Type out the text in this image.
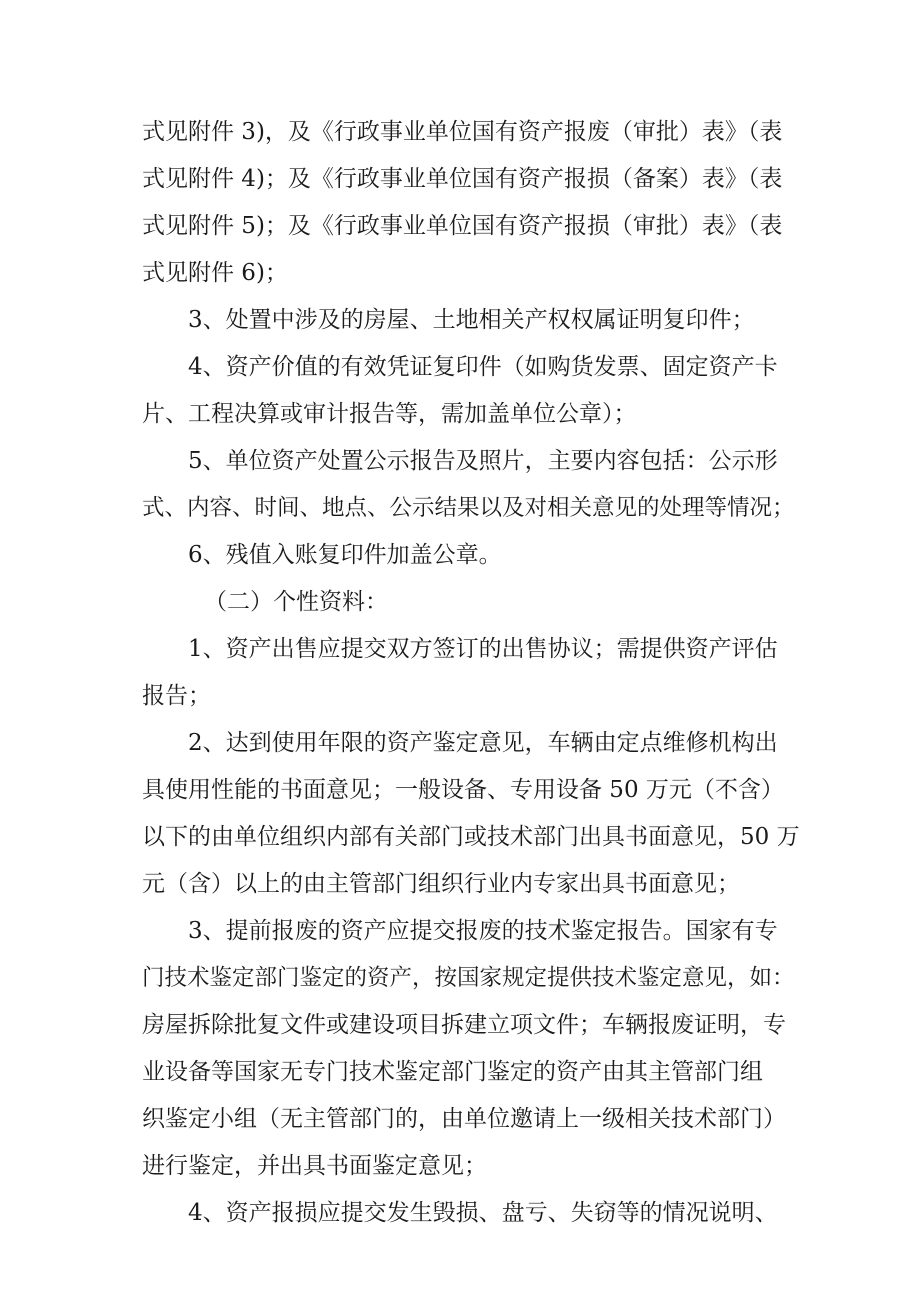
式见附件 3)，及《行政事业单位国有资产报废（审批）表》（表
式见附件 4)；及《行政事业单位国有资产报损（备案）表》（表
式见附件 5)；及《行政事业单位国有资产报损（审批）表》（表
式见附件 6)；
3、处置中涉及的房屋、土地相关产权权属证明复印件；
4、资产价值的有效凭证复印件（如购货发票、固定资产卡
片、工程决算或审计报告等，需加盖单位公章）；
5、单位资产处置公示报告及照片，主要内容包括：公示形
式、内容、时间、地点、公示结果以及对相关意见的处理等情况；
6、残值入账复印件加盖公章。
（二）个性资料：
1、资产出售应提交双方签订的出售协议；需提供资产评估
报告；
2、达到使用年限的资产鉴定意见，车辆由定点维修机构出
具使用性能的书面意见；一般设备、专用设备 50 万元（不含）
以下的由单位组织内部有关部门或技术部门出具书面意见，50 万
元（含）以上的由主管部门组织行业内专家出具书面意见；
3、提前报废的资产应提交报废的技术鉴定报告。国家有专
门技术鉴定部门鉴定的资产，按国家规定提供技术鉴定意见，如：
房屋拆除批复文件或建设项目拆建立项文件；车辆报废证明，专
业设备等国家无专门技术鉴定部门鉴定的资产由其主管部门组
织鉴定小组（无主管部门的，由单位邀请上一级相关技术部门）
进行鉴定，并出具书面鉴定意见；
4、资产报损应提交发生毁损、盘亏、失窃等的情况说明、
